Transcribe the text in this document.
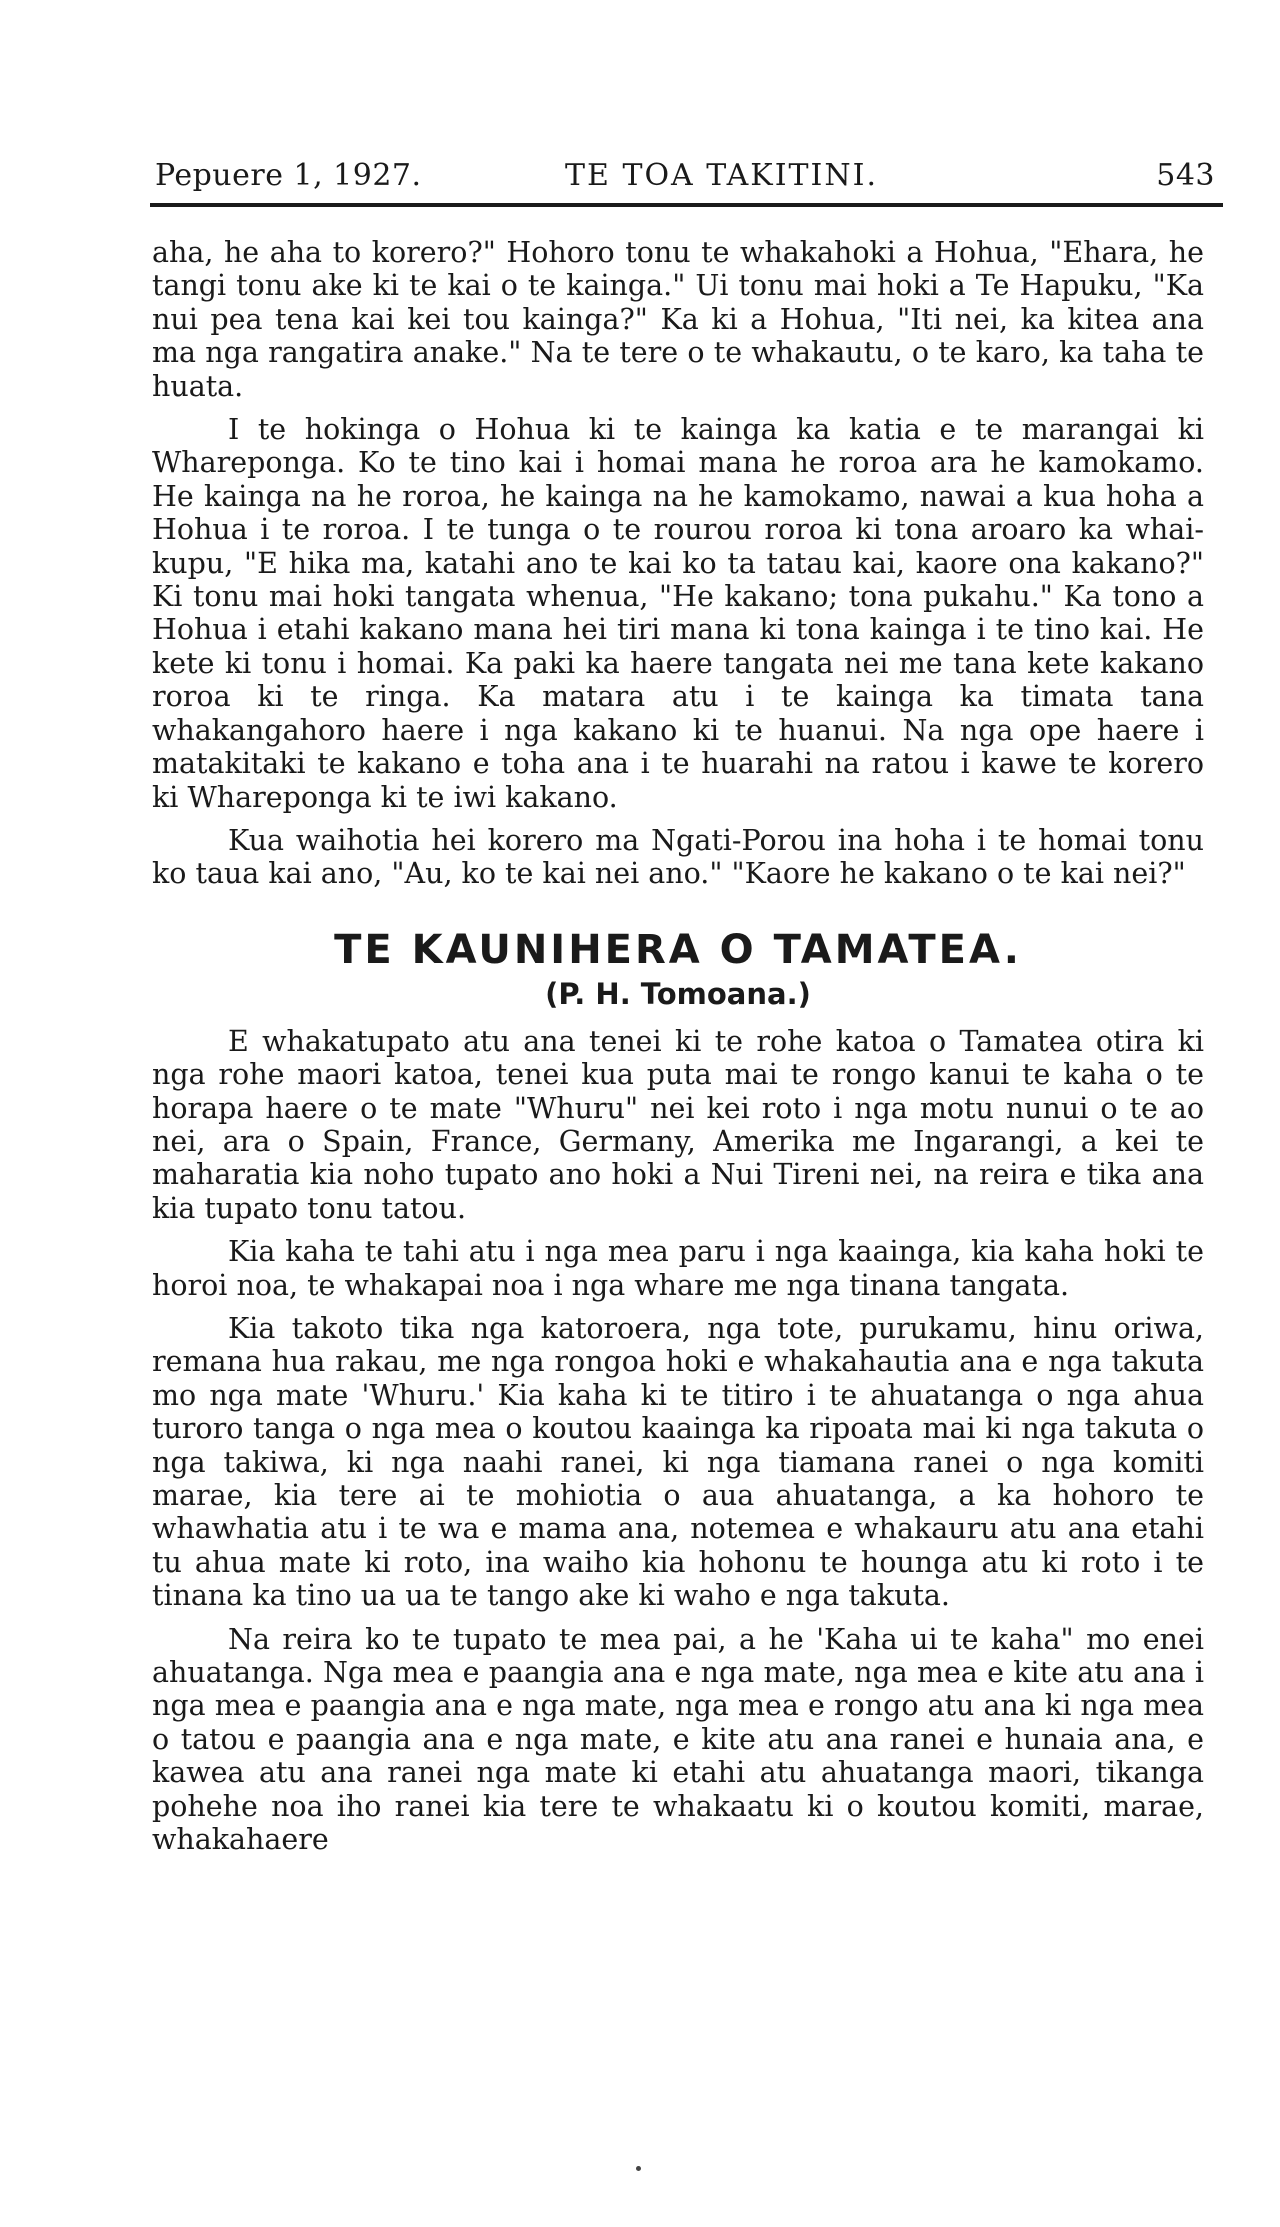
Pepuere 1, 1927.	TE TOA TAKITINI.	543

aha, he aha to korero?" Hohoro tonu te whakahoki a Hohua, "Ehara, he tangi tonu ake ki te kai o te kainga." Ui tonu mai hoki a Te Hapuku, "Ka nui pea tena kai kei tou kainga?" Ka ki a Hohua, "Iti nei, ka kitea ana ma nga rangatira anake." Na te tere o te whakautu, o te karo, ka taha te huata.

I te hokinga o Hohua ki te kainga ka katia e te marangai ki Whareponga. Ko te tino kai i homai mana he roroa ara he kamokamo. He kainga na he roroa, he kainga na he kamokamo, nawai a kua hoha a Hohua i te roroa. I te tunga o te rourou roroa ki tona aroaro ka whai-kupu, "E hika ma, katahi ano te kai ko ta tatau kai, kaore ona kakano?" Ki tonu mai hoki tangata whenua, "He kakano; tona pukahu." Ka tono a Hohua i etahi kakano mana hei tiri mana ki tona kainga i te tino kai. He kete ki tonu i homai. Ka paki ka haere tangata nei me tana kete kakano roroa ki te ringa. Ka matara atu i te kainga ka timata tana whakangahoro haere i nga kakano ki te huanui. Na nga ope haere i matakitaki te kakano e toha ana i te huarahi na ratou i kawe te korero ki Whareponga ki te iwi kakano.

Kua waihotia hei korero ma Ngati-Porou ina hoha i te homai tonu ko taua kai ano, "Au, ko te kai nei ano." "Kaore he kakano o te kai nei?"

TE KAUNIHERA O TAMATEA.
(P. H. Tomoana.)

E whakatupato atu ana tenei ki te rohe katoa o Tamatea otira ki nga rohe maori katoa, tenei kua puta mai te rongo kanui te kaha o te horapa haere o te mate "Whuru" nei kei roto i nga motu nunui o te ao nei, ara o Spain, France, Germany, Amerika me Ingarangi, a kei te maharatia kia noho tupato ano hoki a Nui Tireni nei, na reira e tika ana kia tupato tonu tatou.

Kia kaha te tahi atu i nga mea paru i nga kaainga, kia kaha hoki te horoi noa, te whakapai noa i nga whare me nga tinana tangata.

Kia takoto tika nga katoroera, nga tote, purukamu, hinu oriwa, remana hua rakau, me nga rongoa hoki e whakahautia ana e nga takuta mo nga mate 'Whuru.' Kia kaha ki te titiro i te ahuatanga o nga ahua turoro tanga o nga mea o koutou kaainga ka ripoata mai ki nga takuta o nga takiwa, ki nga naahi ranei, ki nga tiamana ranei o nga komiti marae, kia tere ai te mohiotia o aua ahuatanga, a ka hohoro te whawhatia atu i te wa e mama ana, notemea e whakauru atu ana etahi tu ahua mate ki roto, ina waiho kia hohonu te hounga atu ki roto i te tinana ka tino ua ua te tango ake ki waho e nga takuta.

Na reira ko te tupato te mea pai, a he 'Kaha ui te kaha" mo enei ahuatanga. Nga mea e paangia ana e nga mate, nga mea e kite atu ana i nga mea e paangia ana e nga mate, nga mea e rongo atu ana ki nga mea o tatou e paangia ana e nga mate, e kite atu ana ranei e hunaia ana, e kawea atu ana ranei nga mate ki etahi atu ahuatanga maori, tikanga pohehe noa iho ranei kia tere te whakaatu ki o koutou komiti, marae, whakahaere
